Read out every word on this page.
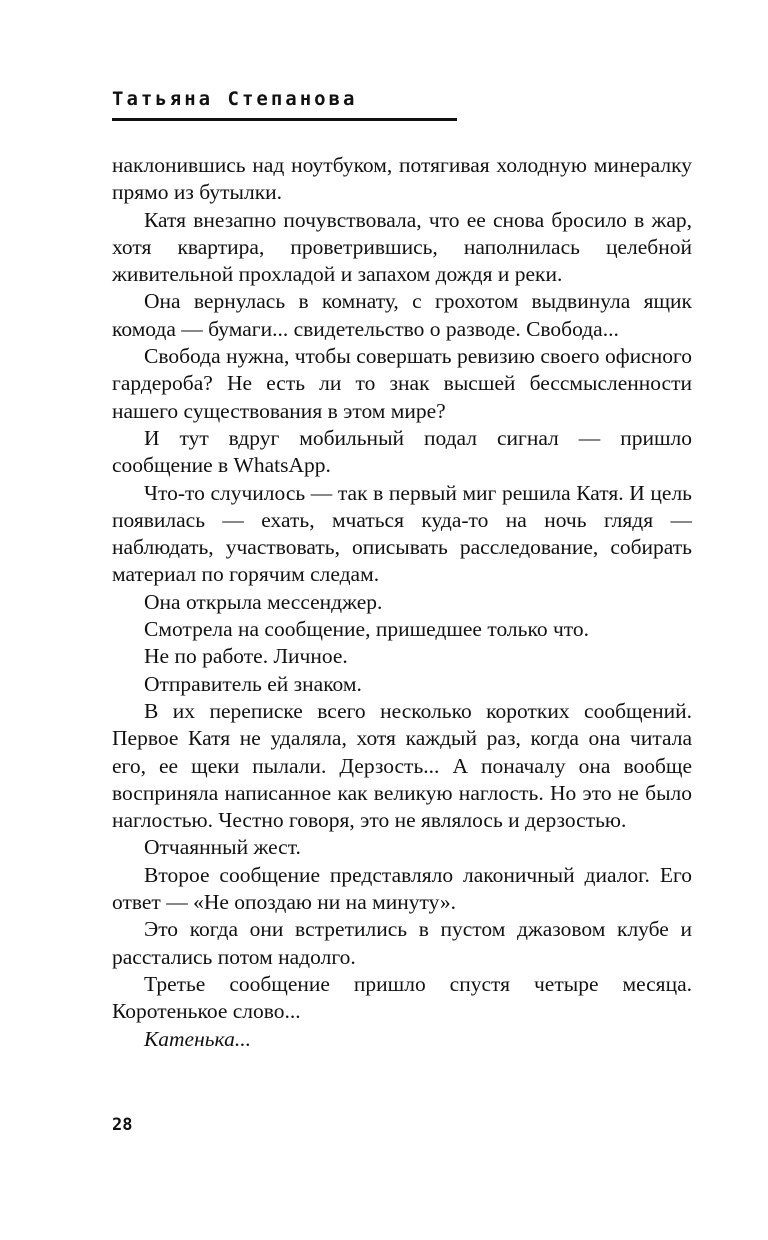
Татьяна Степанова

наклонившись над ноутбуком, потягивая холодную минералку прямо из бутылки.

Катя внезапно почувствовала, что ее снова бросило в жар, хотя квартира, проветрившись, наполнилась целебной живительной прохладой и запахом дождя и реки.

Она вернулась в комнату, с грохотом выдвинула ящик комода — бумаги... свидетельство о разводе. Свобода...

Свобода нужна, чтобы совершать ревизию своего офисного гардероба? Не есть ли то знак высшей бессмысленности нашего существования в этом мире?

И тут вдруг мобильный подал сигнал — пришло сообщение в WhatsApp.

Что-то случилось — так в первый миг решила Катя. И цель появилась — ехать, мчаться куда-то на ночь глядя — наблюдать, участвовать, описывать расследование, собирать материал по горячим следам.

Она открыла мессенджер.

Смотрела на сообщение, пришедшее только что.

Не по работе. Личное.

Отправитель ей знаком.

В их переписке всего несколько коротких сообщений. Первое Катя не удаляла, хотя каждый раз, когда она читала его, ее щеки пылали. Дерзость... А поначалу она вообще восприняла написанное как великую наглость. Но это не было наглостью. Честно говоря, это не являлось и дерзостью.

Отчаянный жест.

Второе сообщение представляло лаконичный диалог. Его ответ — «Не опоздаю ни на минуту».

Это когда они встретились в пустом джазовом клубе и расстались потом надолго.

Третье сообщение пришло спустя четыре месяца. Коротенькое слово...

Катенька...

28
